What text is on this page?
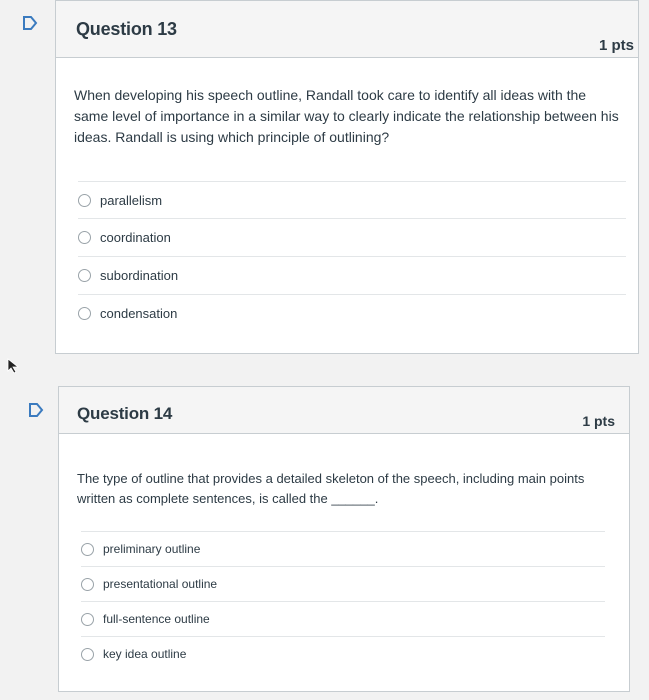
Question 13
1 pts
When developing his speech outline, Randall took care to identify all ideas with the same level of importance in a similar way to clearly indicate the relationship between his ideas. Randall is using which principle of outlining?
parallelism
coordination
subordination
condensation
Question 14	1 pts
The type of outline that provides a detailed skeleton of the speech, including main points written as complete sentences, is called the ______.
preliminary outline
presentational outline
full-sentence outline
key idea outline
